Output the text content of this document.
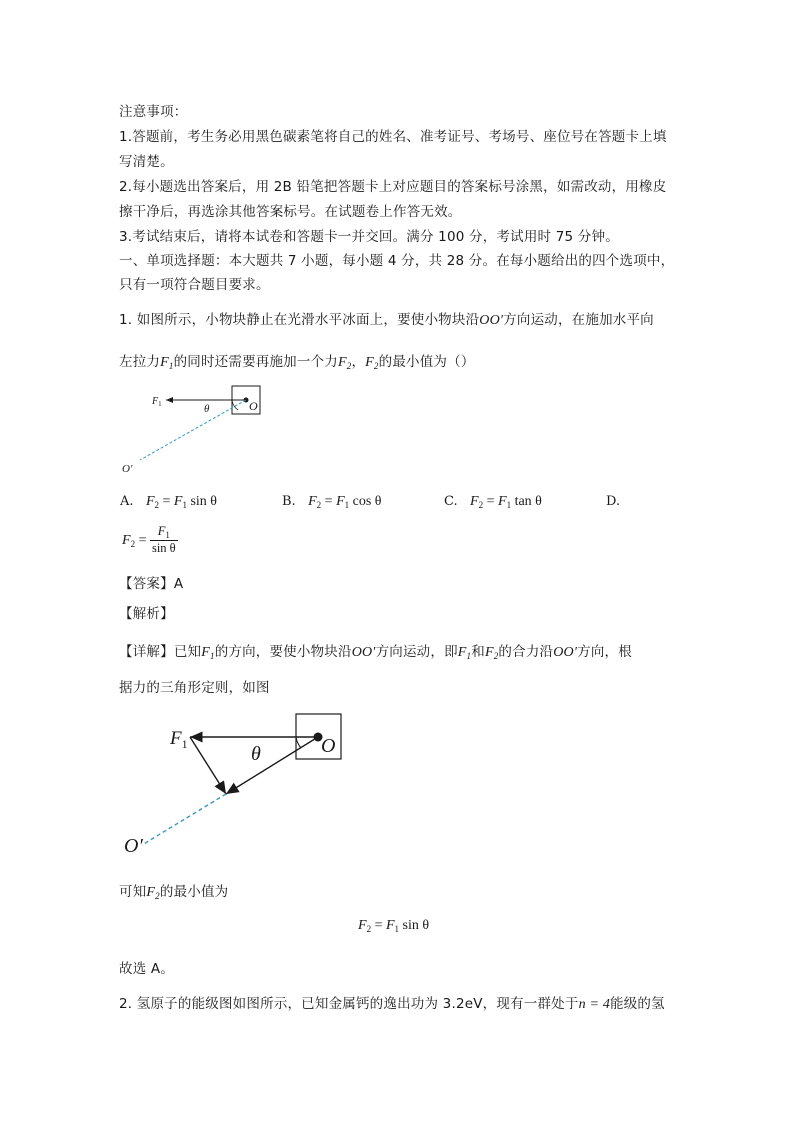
注意事项：
1.答题前，考生务必用黑色碳素笔将自己的姓名、准考证号、考场号、座位号在答题卡上填
写清楚。
2.每小题选出答案后，用 2B 铅笔把答题卡上对应题目的答案标号涂黑，如需改动，用橡皮
擦干净后，再选涂其他答案标号。在试题卷上作答无效。
3.考试结束后，请将本试卷和答题卡一并交回。满分 100 分，考试用时 75 分钟。
一、单项选择题：本大题共 7 小题，每小题 4 分，共 28 分。在每小题给出的四个选项中，
只有一项符合题目要求。
1. 如图所示，小物块静止在光滑水平冰面上，要使小物块沿OO′方向运动，在施加水平向
左拉力$F_1$的同时还需要再施加一个力$F_2$，$F_2$的最小值为（）
$F_1$	θ	O
O′
A. $F_2 = F_1$ sin θ	B. $F_2 = F_1$ cos θ	C. $F_2 = F_1$ tan θ	D.
$F_2 = \frac{F_1}{\text{sin θ}}$
【答案】A
【解析】
【详解】已知$F_1$的方向，要使小物块沿OO′方向运动，即$F_1$和$F_2$的合力沿OO′方向，根
据力的三角形定则，如图
$F_1$	θ	O
O′
可知$F_2$的最小值为
$F_2 = F_1$ sin θ
故选 A。
2. 氢原子的能级图如图所示，已知金属钙的逸出功为 3.2eV，现有一群处于n = 4能级的氢
